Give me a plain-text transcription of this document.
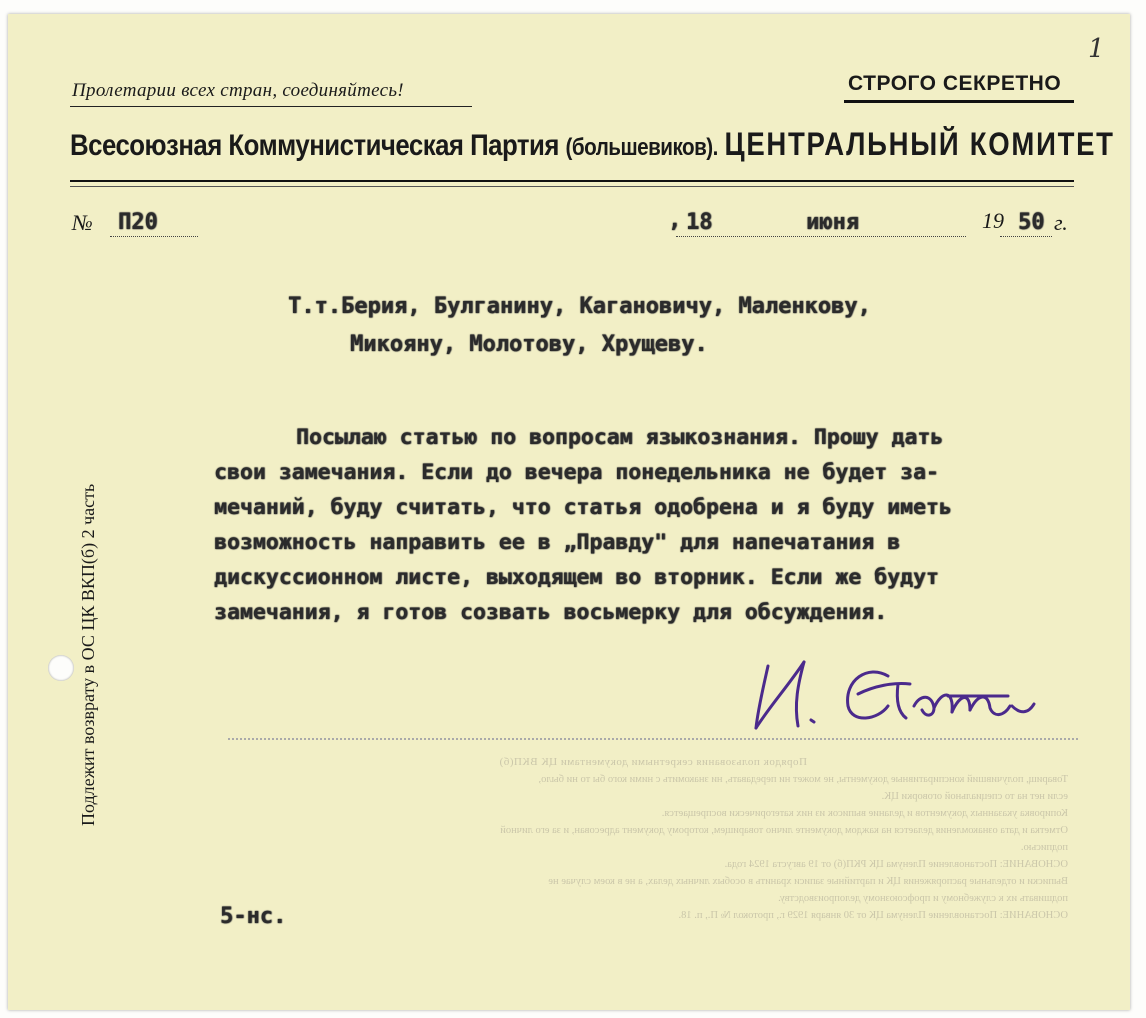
1
Пролетарии всех стран, соединяйтесь!	СТРОГО СЕКРЕТНО
Всесоюзная Коммунистическая Партия (большевиков). ЦЕНТРАЛЬНЫЙ КОМИТЕТ
№ П20	, 18	июня	19 50 г.
Т.т.Берия, Булганину, Кагановичу, Маленкову,
Микояну, Молотову, Хрущеву.
Посылаю статью по вопросам языкознания. Прошу дать
свои замечания. Если до вечера понедельника не будет за-
мечаний, буду считать, что статья одобрена и я буду иметь
возможность направить ее в „Правду" для напечатания в
дискуссионном листе, выходящем во вторник. Если же будут
замечания, я готов созвать восьмерку для обсуждения.
Подлежит возврату в ОС ЦК ВКП(б) 2 часть	Порядок пользования секретными документами ЦК ВКП(б)
Товарищ, получивший конспиративные документы, не может ни передавать, ни знакомить с ними кого бы то ни было,
если нет на то специальной оговорки ЦК.
Копировка указанных документов и делание выписок из них категорически воспрещается.
Отметка и дата ознакомления делается на каждом документе лично товарищем, которому документ адресован, и за его личной
подписью.
ОСНОВАНИЕ: Постановление Пленума ЦК РКП(б) от 19 августа 1924 года.
Выписки и отдельные распоряжения ЦК и партийные записи хранить в особых личных делах, а не в коем случае не
подшивать их к служебному и профсоюзному делопроизводству.
ОСНОВАНИЕ: Постановление Пленума ЦК от 30 января 1929 г., протокол № П., п. 18.
5-нс.
